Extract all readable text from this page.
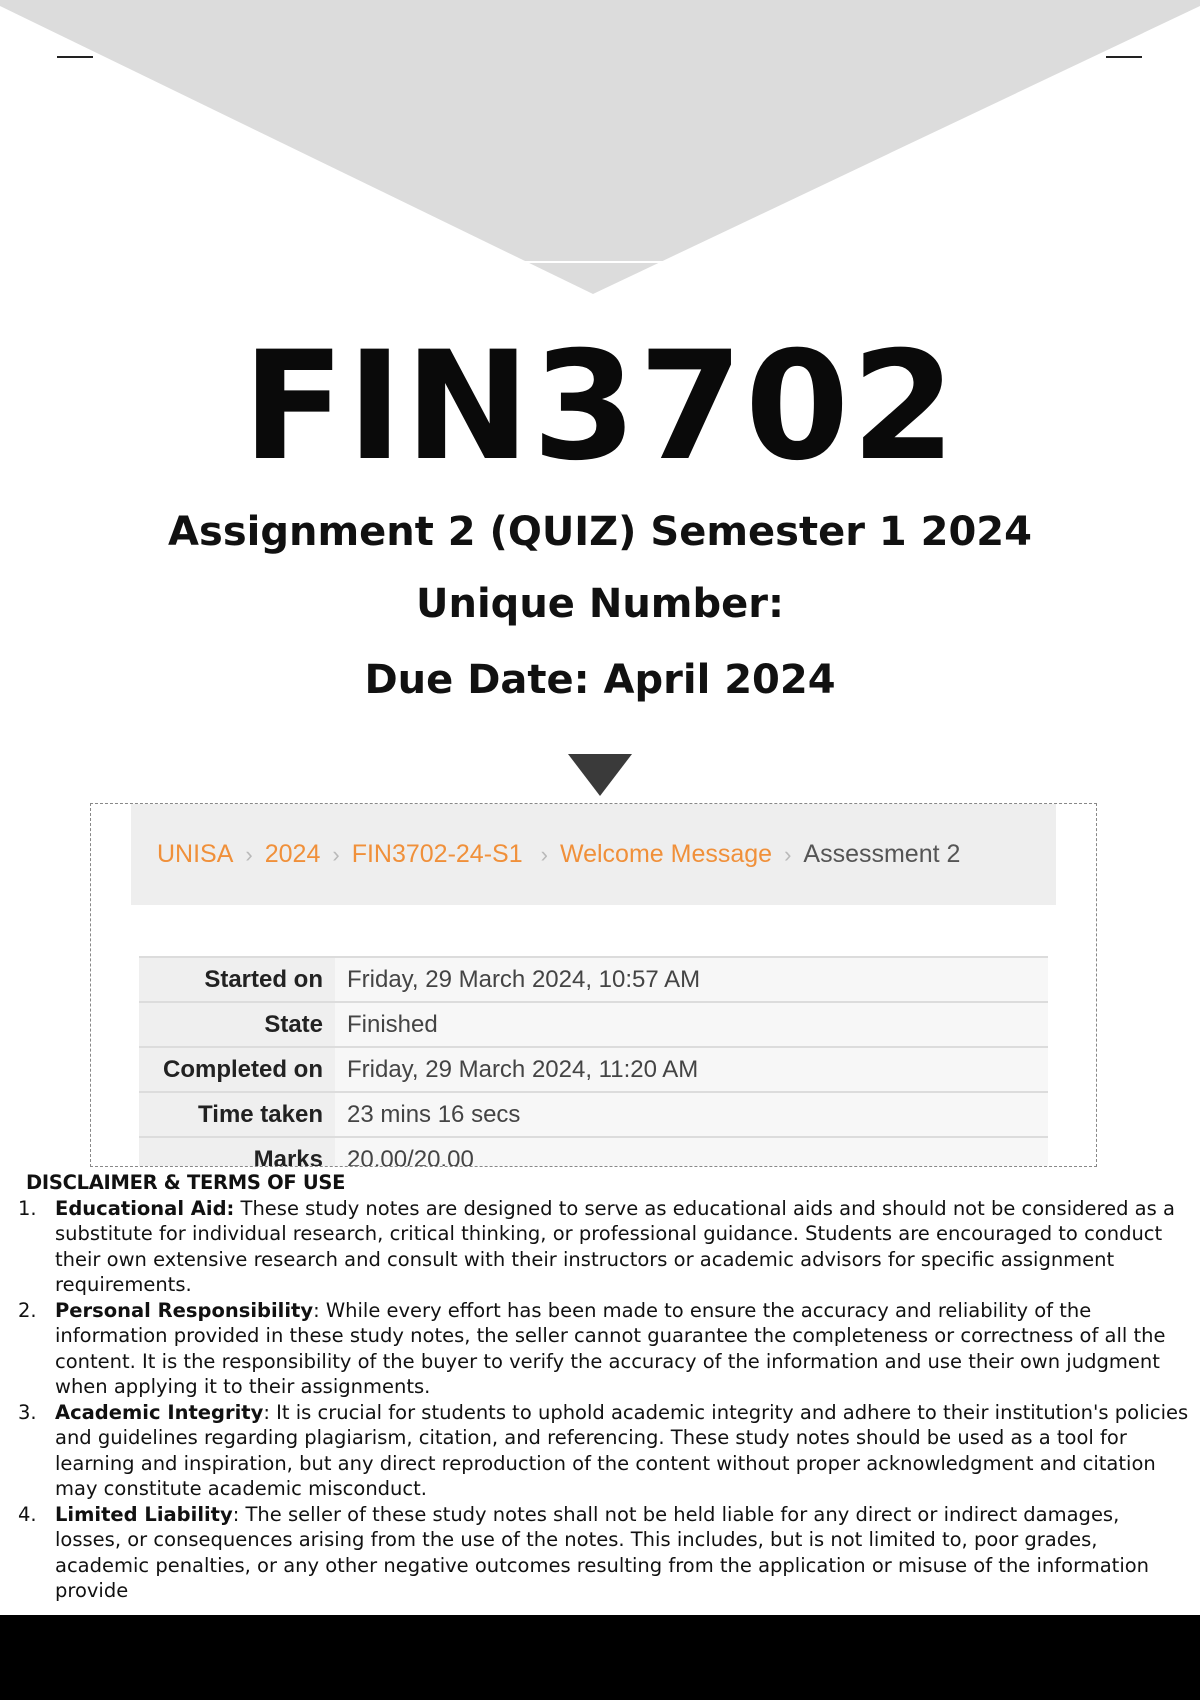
FIN3702
Assignment 2 (QUIZ) Semester 1 2024
Unique Number:
Due Date: April 2024
UNISA › 2024 › FIN3702-24-S1 › Welcome Message › Assessment 2
Started on	Friday, 29 March 2024, 10:57 AM
State	Finished
Completed on	Friday, 29 March 2024, 11:20 AM
Time taken	23 mins 16 secs
Marks	20.00/20.00
DISCLAIMER & TERMS OF USE
1. Educational Aid: These study notes are designed to serve as educational aids and should not be considered as a substitute for individual research, critical thinking, or professional guidance. Students are encouraged to conduct their own extensive research and consult with their instructors or academic advisors for specific assignment requirements.
2. Personal Responsibility: While every effort has been made to ensure the accuracy and reliability of the information provided in these study notes, the seller cannot guarantee the completeness or correctness of all the content. It is the responsibility of the buyer to verify the accuracy of the information and use their own judgment when applying it to their assignments.
3. Academic Integrity: It is crucial for students to uphold academic integrity and adhere to their institution's policies and guidelines regarding plagiarism, citation, and referencing. These study notes should be used as a tool for learning and inspiration, but any direct reproduction of the content without proper acknowledgment and citation may constitute academic misconduct.
4. Limited Liability: The seller of these study notes shall not be held liable for any direct or indirect damages, losses, or consequences arising from the use of the notes. This includes, but is not limited to, poor grades, academic penalties, or any other negative outcomes resulting from the application or misuse of the information provide
